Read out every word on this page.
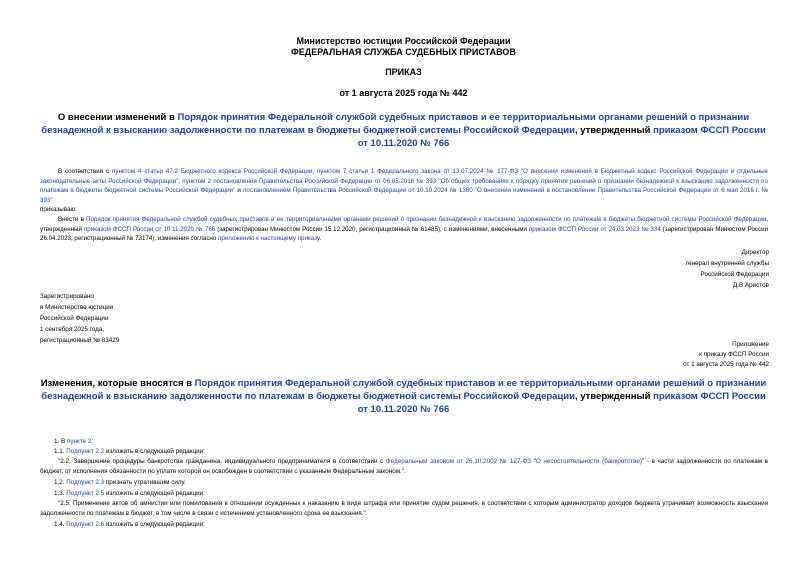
Министерство юстиции Российской Федерации
ФЕДЕРАЛЬНАЯ СЛУЖБА СУДЕБНЫХ ПРИСТАВОВ
ПРИКАЗ
от 1 августа 2025 года № 442
О внесении изменений в Порядок принятия Федеральной службой судебных приставов и ее территориальными органами решений о признании безнадежной к взысканию задолженности по платежам в бюджеты бюджетной системы Российской Федерации, утвержденный приказом ФССП России от 10.11.2020 № 766
В соответствии с пунктом 4 статьи 47.2 Бюджетного кодекса Российской Федерации, пунктом 7 статьи 1 Федерального закона от 13.07.2024 № 177-ФЗ "О внесении изменений в Бюджетный кодекс Российской Федерации и отдельные законодательные акты Российской Федерации", пунктом 2 постановления Правительства Российской Федерации от 06.05.2016 № 393 "Об общих требованиях к порядку принятия решений о признании безнадежной к взысканию задолженности по платежам в бюджеты бюджетной системы Российской Федерации" и постановлением Правительства Российской Федерации от 10.10.2024 № 1360 "О внесении изменений в постановление Правительства Российской Федерации от 6 мая 2016 г. № 393"
приказываю:
Внести в Порядок принятия Федеральной службой судебных приставов и ее территориальными органами решений о признании безнадежной к взысканию задолженности по платежам в бюджеты бюджетной системы Российской Федерации, утвержденный приказом ФССП России от 10.11.2020 № 766 (зарегистрирован Минюстом России 15.12.2020, регистрационный № 61485), с изменениями, внесенными приказом ФССП России от 24.03.2023 № 334 (зарегистрирован Минюстом России 26.04.2023, регистрационный № 73174), изменения согласно приложению к настоящему приказу.
Директор
генерал внутренней службы
Российской Федерации
Д.В.Аристов
Зарегистрировано
в Министерстве юстиции
Российской Федерации
1 сентября 2025 года,
регистрационный № 83429
Приложение
к приказу ФССП России
от 1 августа 2025 года № 442
Изменения, которые вносятся в Порядок принятия Федеральной службой судебных приставов и ее территориальными органами решений о признании безнадежной к взысканию задолженности по платежам в бюджеты бюджетной системы Российской Федерации, утвержденный приказом ФССП России от 10.11.2020 № 766
1. В пункте 2:
1.1. Подпункт 2.2 изложить в следующей редакции:
"2.2. Завершение процедуры банкротства гражданина, индивидуального предпринимателя в соответствии с Федеральным законом от 26.10.2002 № 127-ФЗ "О несостоятельности (банкротстве)" - в части задолженности по платежам в бюджет, от исполнения обязанности по уплате которой он освобожден в соответствии с указанным Федеральным законом.".
1.2. Подпункт 2.3 признать утратившим силу.
1.3. Подпункт 2.5 изложить в следующей редакции:
"2.5. Применение актов об амнистии или помилования в отношении осужденных к наказанию в виде штрафа или принятие судом решения, в соответствии с которым администратор доходов бюджета утрачивает возможность взыскания задолженности по платежам в бюджет, в том числе в связи с истечением установленного срока ее взыскания.".
1.4. Подпункт 2.6 изложить в следующей редакции:
